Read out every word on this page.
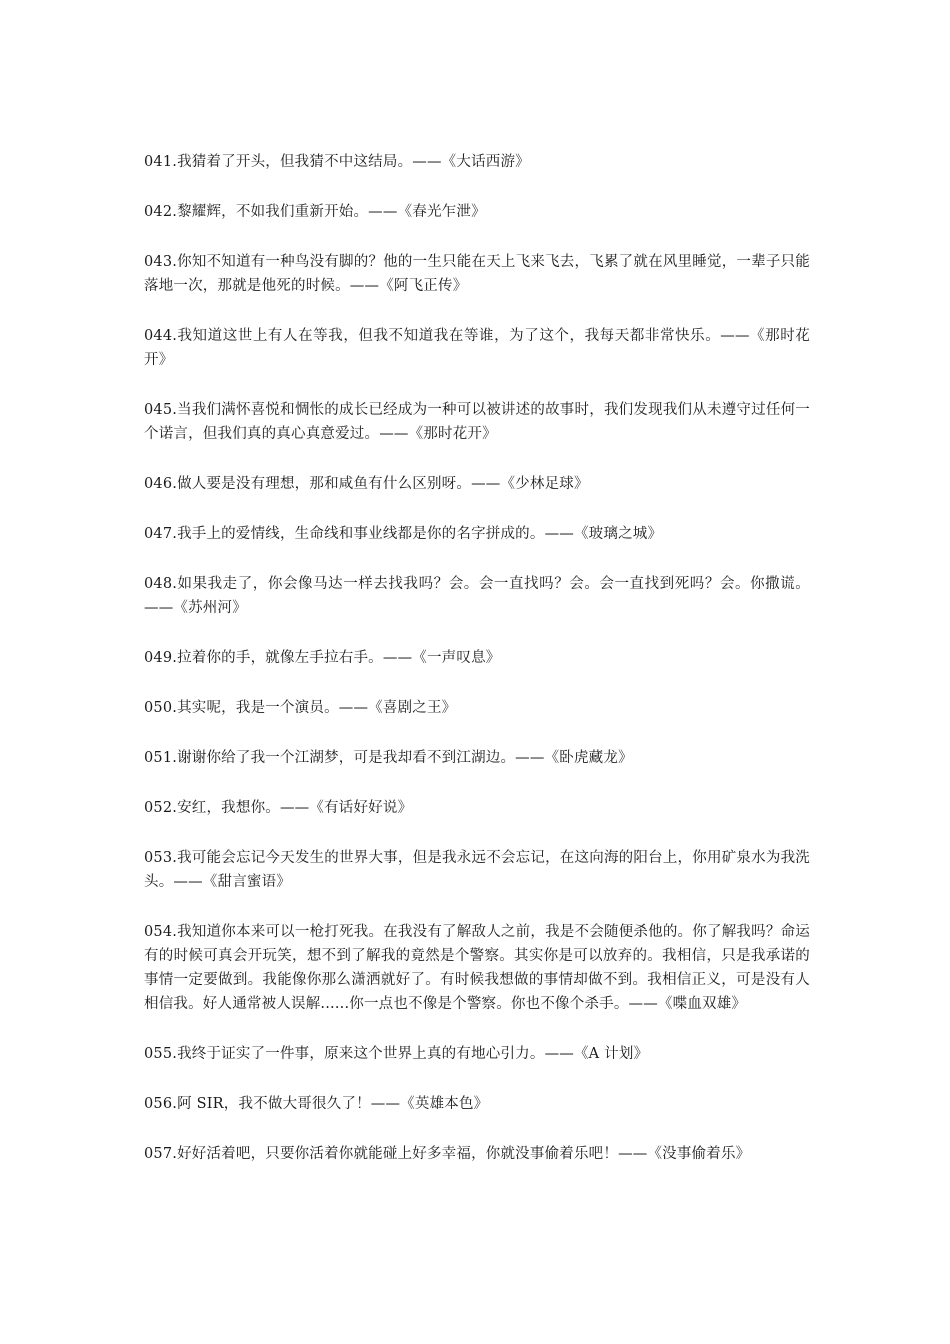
041.我猜着了开头，但我猜不中这结局。——《大话西游》

042.黎耀辉，不如我们重新开始。——《春光乍泄》

043.你知不知道有一种鸟没有脚的？他的一生只能在天上飞来飞去，飞累了就在风里睡觉，一辈子只能落地一次，那就是他死的时候。——《阿飞正传》

044.我知道这世上有人在等我，但我不知道我在等谁，为了这个，我每天都非常快乐。——《那时花开》

045.当我们满怀喜悦和惆怅的成长已经成为一种可以被讲述的故事时，我们发现我们从未遵守过任何一个诺言，但我们真的真心真意爱过。——《那时花开》

046.做人要是没有理想，那和咸鱼有什么区别呀。——《少林足球》

047.我手上的爱情线，生命线和事业线都是你的名字拼成的。——《玻璃之城》

048.如果我走了，你会像马达一样去找我吗？会。会一直找吗？会。会一直找到死吗？会。你撒谎。——《苏州河》

049.拉着你的手，就像左手拉右手。——《一声叹息》

050.其实呢，我是一个演员。——《喜剧之王》

051.谢谢你给了我一个江湖梦，可是我却看不到江湖边。——《卧虎藏龙》

052.安红，我想你。——《有话好好说》

053.我可能会忘记今天发生的世界大事，但是我永远不会忘记，在这向海的阳台上，你用矿泉水为我洗头。——《甜言蜜语》

054.我知道你本来可以一枪打死我。在我没有了解敌人之前，我是不会随便杀他的。你了解我吗？命运有的时候可真会开玩笑，想不到了解我的竟然是个警察。其实你是可以放弃的。我相信，只是我承诺的事情一定要做到。我能像你那么潇洒就好了。有时候我想做的事情却做不到。我相信正义，可是没有人相信我。好人通常被人误解......你一点也不像是个警察。你也不像个杀手。——《喋血双雄》

055.我终于证实了一件事，原来这个世界上真的有地心引力。——《A 计划》

056.阿 SIR，我不做大哥很久了！——《英雄本色》

057.好好活着吧，只要你活着你就能碰上好多幸福，你就没事偷着乐吧！——《没事偷着乐》
